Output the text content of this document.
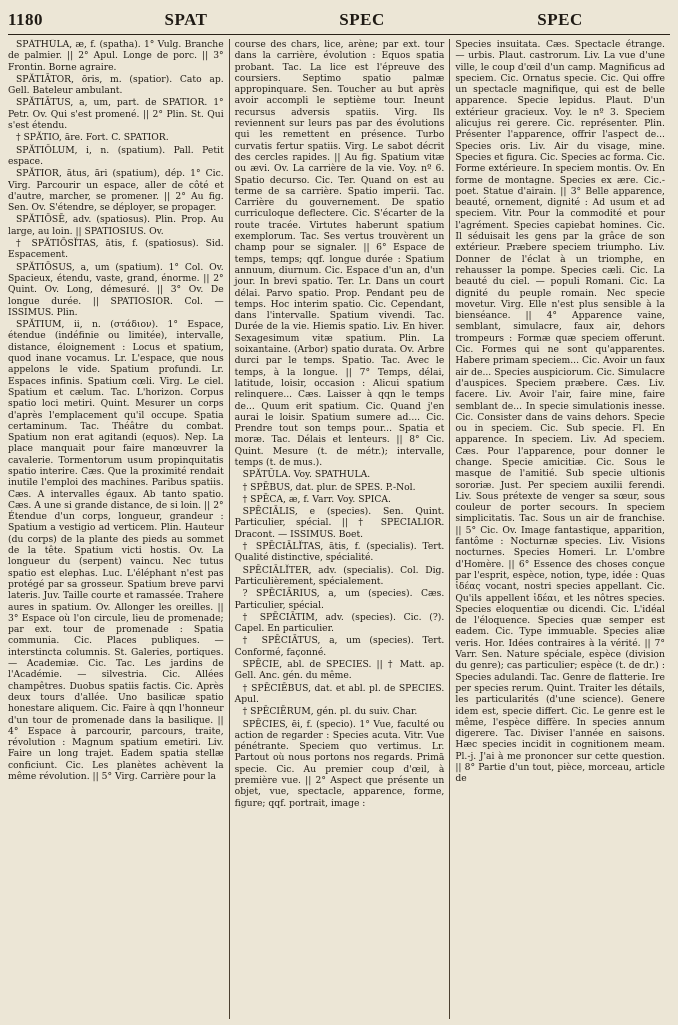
1180	SPAT	SPEC	SPEC

SPĀTHŪLA, æ, f. (spatha). 1° Vulg. Branche de palmier. || 2° Apul. Longe de porc. || 3° Frontin. Borne agraire.

SPĂTIĀTOR, ōris, m. (spatior). Cato ap. Gell. Bateleur ambulant.

SPĂTIĀTUS, a, um, part. de SPATIOR. 1° Petr. Ov. Qui s'est promené. || 2° Plin. St. Qui s'est étendu.

† SPĂTIO, āre. Fort. C. SPATIOR.

SPĂTIŎLUM, i, n. (spatium). Pall. Petit espace.

SPĂTIOR, ātus, āri (spatium), dép. 1° Cic. Virg. Parcourir un espace, aller de côté et d'autre, marcher, se promener. || 2° Au fig. Sen. Ov. S'étendre, se déployer, se propager.

SPĂTIŌSĒ, adv. (spatiosus). Plin. Prop. Au large, au loin. || SPATIOSIUS. Ov.

† SPĂTIŌSĬTAS, ātis, f. (spatiosus). Sid. Espacement.

SPĂTIŌSUS, a, um (spatium). 1° Col. Ov. Spacieux, étendu, vaste, grand, énorme. || 2° Quint. Ov. Long, démesuré. || 3° Ov. De longue durée. || SPATIOSIOR. Col. — ISSIMUS. Plin.

SPĂTIUM, ii, n. (στάδιον). 1° Espace, étendue (indéfinie ou limitée), intervalle, distance, éloignement : Locus et spatium, quod inane vocamus. Lr. L'espace, que nous appelons le vide. Spatium profundi. Lr. Espaces infinis. Spatium cœli. Virg. Le ciel. Spatium et cælum. Tac. L'horizon. Corpus spatio loci metiri. Quint. Mesurer un corps d'après l'emplacement qu'il occupe. Spatia certaminum. Tac. Théâtre du combat. Spatium non erat agitandi (equos). Nep. La place manquait pour faire manœuvrer la cavalerie. Tormentorum usum propinquitatis spatio interire. Cæs. Que la proximité rendait inutile l'emploi des machines. Paribus spatiis. Cæs. A intervalles égaux. Ab tanto spatio. Cæs. A une si grande distance, de si loin. || 2° Étendue d'un corps, longueur, grandeur : Spatium a vestigio ad verticem. Plin. Hauteur (du corps) de la plante des pieds au sommet de la tête. Spatium victi hostis. Ov. La longueur du (serpent) vaincu. Nec tutus spatio est elephas. Luc. L'éléphant n'est pas protégé par sa grosseur. Spatium breve parvi lateris. Juv. Taille courte et ramassée. Trahere aures in spatium. Ov. Allonger les oreilles. || 3° Espace où l'on circule, lieu de promenade; par ext. tour de promenade : Spatia communia. Cic. Places publiques. — interstincta columnis. St. Galeries, portiques. — Academiæ. Cic. Tac. Les jardins de l'Académie. — silvestria. Cic. Allées champêtres. Duobus spatiis factis. Cic. Après deux tours d'allée. Uno basilicæ spatio honestare aliquem. Cic. Faire à qqn l'honneur d'un tour de promenade dans la basilique. || 4° Espace à parcourir, parcours, traite, révolution : Magnum spatium emetiri. Liv. Faire un long trajet. Eadem spatia stellæ conficiunt. Cic. Les planètes achèvent la même révolution. || 5° Virg. Carrière pour la

course des chars, lice, arène; par ext. tour dans la carrière, évolution : Equos spatia probant. Tac. La lice est l'épreuve des coursiers. Septimo spatio palmæ appropinquare. Sen. Toucher au but après avoir accompli le septième tour. Ineunt recursus adversis spatiis. Virg. Ils reviennent sur leurs pas par des évolutions qui les remettent en présence. Turbo curvatis fertur spatiis. Virg. Le sabot décrit des cercles rapides. || Au fig. Spatium vitæ ou ævi. Ov. La carrière de la vie. Voy. nº 6. Spatio decurso. Cic. Ter. Quand on est au terme de sa carrière. Spatio imperii. Tac. Carrière du gouvernement. De spatio curriculoque deflectere. Cic. S'écarter de la route tracée. Virtutes haberunt spatium exemplorum. Tac. Ses vertus trouvèrent un champ pour se signaler. || 6° Espace de temps, temps; qqf. longue durée : Spatium annuum, diurnum. Cic. Espace d'un an, d'un jour. In brevi spatio. Ter. Lr. Dans un court délai. Parvo spatio. Prop. Pendant peu de temps. Hoc interim spatio. Cic. Cependant, dans l'intervalle. Spatium vivendi. Tac. Durée de la vie. Hiemis spatio. Liv. En hiver. Sexagesimum vitæ spatium. Plin. La soixantaine. (Arbor) spatio durata. Ov. Arbre durci par le temps. Spatio. Tac. Avec le temps, à la longue. || 7° Temps, délai, latitude, loisir, occasion : Alicui spatium relinquere... Cæs. Laisser à qqn le temps de... Quum erit spatium. Cic. Quand j'en aurai le loisir. Spatium sumere ad.... Cic. Prendre tout son temps pour... Spatia et moræ. Tac. Délais et lenteurs. || 8° Cic. Quint. Mesure (t. de métr.); intervalle, temps (t. de mus.).

SPĂTŬLA. Voy. SPATHULA.

† SPĒBUS, dat. plur. de SPES. P.-Nol.

† SPĒCA, æ, f. Varr. Voy. SPICA.

SPĒCIĀLIS, e (species). Sen. Quint. Particulier, spécial. || † SPECIALIOR. Dracont. — ISSIMUS. Boet.

† SPĒCIĀLĬTAS, ātis, f. (specialis). Tert. Qualité distinctive, spécialité.

SPĒCIĀLĬTER, adv. (specialis). Col. Dig. Particulièrement, spécialement.

? SPĒCIĀRIUS, a, um (species). Cæs. Particulier, spécial.

† SPĒCIĀTIM, adv. (species). Cic. (?). Capel. En particulier.

† SPĒCIĀTUS, a, um (species). Tert. Conformé, façonné.

SPĒCIE, abl. de SPECIES. || † Matt. ap. Gell. Anc. gén. du même.

† SPĒCIĒBUS, dat. et abl. pl. de SPECIES. Apul.

† SPĒCIĒRUM, gén. pl. du suiv. Char.

SPĒCIES, ēi, f. (specio). 1° Vue, faculté ou action de regarder : Species acuta. Vitr. Vue pénétrante. Speciem quo vertimus. Lr. Partout où nous portons nos regards. Primā specie. Cic. Au premier coup d'œil, à première vue. || 2° Aspect que présente un objet, vue, spectacle, apparence, forme, figure; qqf. portrait, image :

Species insuitata. Cæs. Spectacle étrange. — urbis. Plaut. castrorum. Liv. La vue d'une ville, le coup d'œil d'un camp. Magnificus ad speciem. Cic. Ornatus specie. Cic. Qui offre un spectacle magnifique, qui est de belle apparence. Specie lepidus. Plaut. D'un extérieur gracieux. Voy. le nº 3. Speciem alicujus rei gerere. Cic. représenter. Plin. Présenter l'apparence, offrir l'aspect de... Species oris. Liv. Air du visage, mine. Species et figura. Cic. Species ac forma. Cic. Forme extérieure. In speciem montis. Ov. En forme de montagne. Species ex ære. Cic.-poet. Statue d'airain. || 3° Belle apparence, beauté, ornement, dignité : Ad usum et ad speciem. Vitr. Pour la commodité et pour l'agrément. Species capiebat homines. Cic. Il séduisait les gens par la grâce de son extérieur. Præbere speciem triumpho. Liv. Donner de l'éclat à un triomphe, en rehausser la pompe. Species cæli. Cic. La beauté du ciel. — populi Romani. Cic. La dignité du peuple romain. Nec specie movetur. Virg. Elle n'est plus sensible à la bienséance. || 4° Apparence vaine, semblant, simulacre, faux air, dehors trompeurs : Formæ quæ speciem offerunt. Cic. Formes qui ne sont qu'apparentes. Habere primam speciem... Cic. Avoir un faux air de... Species auspiciorum. Cic. Simulacre d'auspices. Speciem præbere. Cæs. Liv. facere. Liv. Avoir l'air, faire mine, faire semblant de... In specie simulationis inesse. Cic. Consister dans de vains dehors. Specie ou in speciem. Cic. Sub specie. Fl. En apparence. In speciem. Liv. Ad speciem. Cæs. Pour l'apparence, pour donner le change. Specie amicitiæ. Cic. Sous le masque de l'amitié. Sub specie ultionis sororiæ. Just. Per speciem auxilii ferendi. Liv. Sous prétexte de venger sa sœur, sous couleur de porter secours. In speciem simplicitatis. Tac. Sous un air de franchise. || 5° Cic. Ov. Image fantastique, apparition, fantôme : Nocturnæ species. Liv. Visions nocturnes. Species Homeri. Lr. L'ombre d'Homère. || 6° Essence des choses conçue par l'esprit, espèce, notion, type, idée : Quas ἰδέας vocant, nostri species appellant. Cic. Qu'ils appellent ἰδέαι, et les nôtres species. Species eloquentiæ ou dicendi. Cic. L'idéal de l'éloquence. Species quæ semper est eadem. Cic. Type immuable. Species aliæ veris. Hor. Idées contraires à la vérité. || 7° Varr. Sen. Nature spéciale, espèce (division du genre); cas particulier; espèce (t. de dr.) : Species adulandi. Tac. Genre de flatterie. Ire per species rerum. Quint. Traiter les détails, les particularités (d'une science). Genere idem est, specie differt. Cic. Le genre est le même, l'espèce diffère. In species annum digerere. Tac. Diviser l'année en saisons. Hæc species incidit in cognitionem meam. Pl.-j. J'ai à me prononcer sur cette question. || 8° Partie d'un tout, pièce, morceau, article de
